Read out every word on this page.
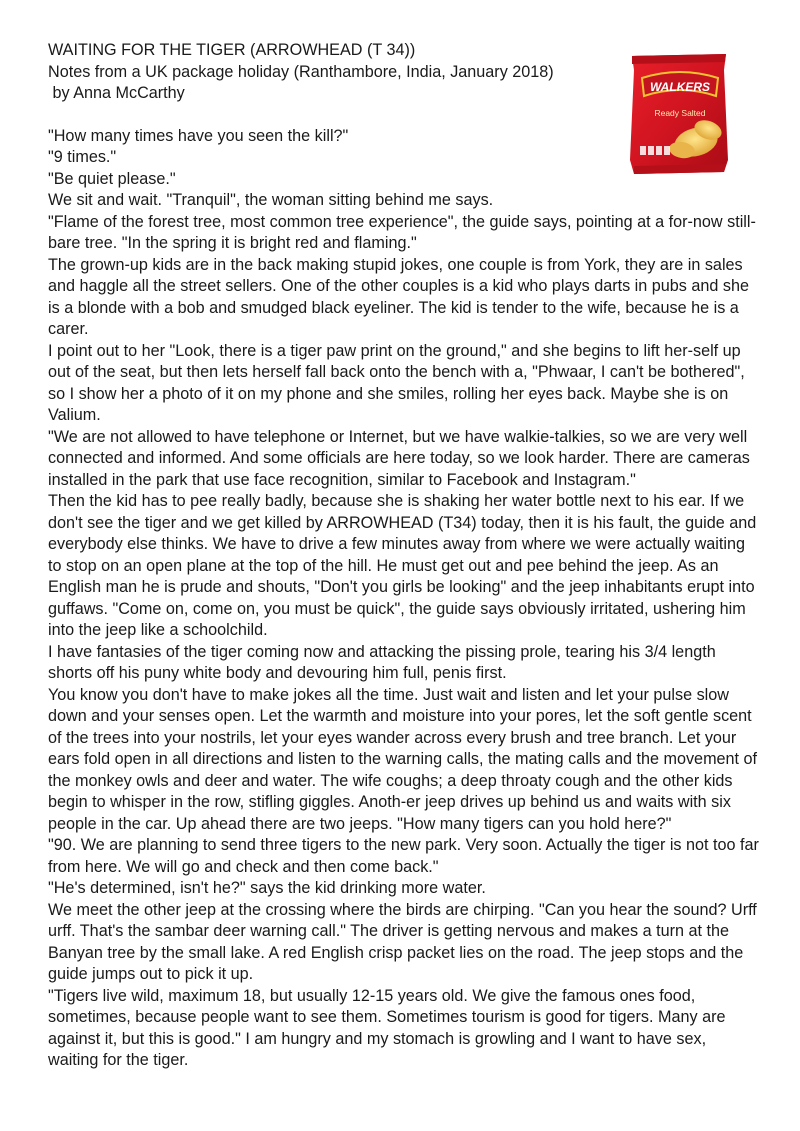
WAITING FOR THE TIGER (ARROWHEAD (T 34))
Notes from a UK package holiday (Ranthambore, India, January 2018)
by Anna McCarthy

"How many times have you seen the kill?"

"9 times."

"Be quiet please."

We sit and wait. "Tranquil", the woman sitting behind me says.

"Flame of the forest tree, most common tree experience", the guide says, pointing at a for-now still-bare tree. "In the spring it is bright red and flaming."

The grown-up kids are in the back making stupid jokes, one couple is from York, they are in sales and haggle all the street sellers. One of the other couples is a kid who plays darts in pubs and she is a blonde with a bob and smudged black eyeliner. The kid is tender to the wife, because he is a carer.

I point out to her "Look, there is a tiger paw print on the ground," and she begins to lift her-self up out of the seat, but then lets herself fall back onto the bench with a, "Phwaar, I can't be bothered", so I show her a photo of it on my phone and she smiles, rolling her eyes back. Maybe she is on Valium.

"We are not allowed to have telephone or Internet, but we have walkie-talkies, so we are very well connected and informed. And some officials are here today, so we look harder. There are cameras installed in the park that use face recognition, similar to Facebook and Instagram."

Then the kid has to pee really badly, because she is shaking her water bottle next to his ear. If we don't see the tiger and we get killed by ARROWHEAD (T34) today, then it is his fault, the guide and everybody else thinks. We have to drive a few minutes away from where we were actually waiting to stop on an open plane at the top of the hill. He must get out and pee behind the jeep. As an English man he is prude and shouts, "Don't you girls be looking" and the jeep inhabitants erupt into guffaws. "Come on, come on, you must be quick", the guide says obviously irritated, ushering him into the jeep like a schoolchild.

I have fantasies of the tiger coming now and attacking the pissing prole, tearing his 3/4 length shorts off his puny white body and devouring him full, penis first.

You know you don't have to make jokes all the time. Just wait and listen and let your pulse slow down and your senses open. Let the warmth and moisture into your pores, let the soft gentle scent of the trees into your nostrils, let your eyes wander across every brush and tree branch. Let your ears fold open in all directions and listen to the warning calls, the mating calls and the movement of the monkey owls and deer and water. The wife coughs; a deep throaty cough and the other kids begin to whisper in the row, stifling giggles. Anoth-er jeep drives up behind us and waits with six people in the car. Up ahead there are two jeeps. "How many tigers can you hold here?"

"90. We are planning to send three tigers to the new park. Very soon. Actually the tiger is not too far from here. We will go and check and then come back."

"He's determined, isn't he?" says the kid drinking more water.

We meet the other jeep at the crossing where the birds are chirping. "Can you hear the sound? Urff urff. That's the sambar deer warning call." The driver is getting nervous and makes a turn at the Banyan tree by the small lake. A red English crisp packet lies on the road. The jeep stops and the guide jumps out to pick it up.

"Tigers live wild, maximum 18, but usually 12-15 years old. We give the famous ones food, sometimes, because people want to see them. Sometimes tourism is good for tigers. Many are against it, but this is good." I am hungry and my stomach is growling and I want to have sex, waiting for the tiger.

WALKERS
Ready Salted
